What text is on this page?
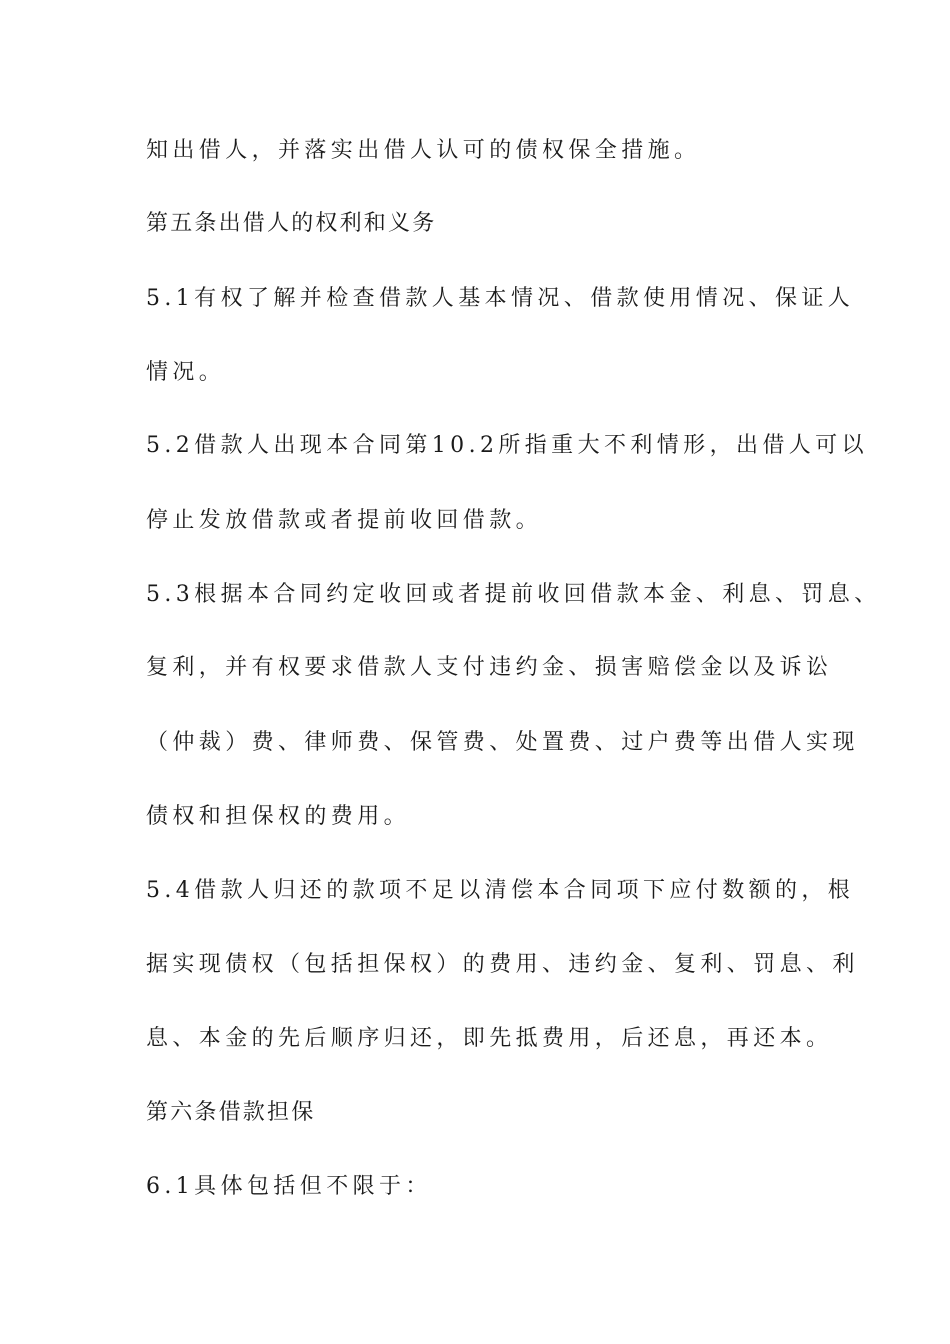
知出借人，并落实出借人认可的债权保全措施。
第五条出借人的权利和义务
5.1有权了解并检查借款人基本情况、借款使用情况、保证人
情况。
5.2借款人出现本合同第10.2所指重大不利情形，出借人可以
停止发放借款或者提前收回借款。
5.3根据本合同约定收回或者提前收回借款本金、利息、罚息、
复利，并有权要求借款人支付违约金、损害赔偿金以及诉讼
（仲裁）费、律师费、保管费、处置费、过户费等出借人实现
债权和担保权的费用。
5.4借款人归还的款项不足以清偿本合同项下应付数额的，根
据实现债权（包括担保权）的费用、违约金、复利、罚息、利
息、本金的先后顺序归还，即先抵费用，后还息，再还本。
第六条借款担保
6.1具体包括但不限于：
